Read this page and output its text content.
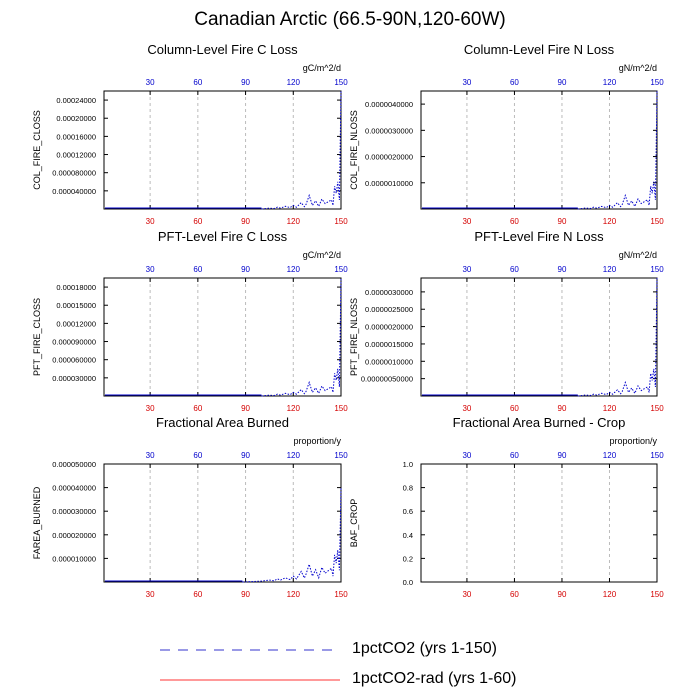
Canadian Arctic (66.5-90N,120-60W)
Column-Level Fire C Loss
gC/m^2/d
30
30
60
60
90
90
120
120
150
150
0.000040000
0.000080000
0.00012000
0.00016000
0.00020000
0.00024000
COL_FIRE_CLOSS
Column-Level Fire N Loss
gN/m^2/d
30
30
60
60
90
90
120
120
150
150
0.0000010000
0.0000020000
0.0000030000
0.0000040000
COL_FIRE_NLOSS
PFT-Level Fire C Loss
gC/m^2/d
30
30
60
60
90
90
120
120
150
150
0.000030000
0.000060000
0.000090000
0.00012000
0.00015000
0.00018000
PFT_FIRE_CLOSS
PFT-Level Fire N Loss
gN/m^2/d
30
30
60
60
90
90
120
120
150
150
0.00000050000
0.0000010000
0.0000015000
0.0000020000
0.0000025000
0.0000030000
PFT_FIRE_NLOSS
Fractional Area Burned
proportion/y
30
30
60
60
90
90
120
120
150
150
0.000010000
0.000020000
0.000030000
0.000040000
0.000050000
FAREA_BURNED
Fractional Area Burned - Crop
proportion/y
30
30
60
60
90
90
120
120
150
150
0.0
0.2
0.4
0.6
0.8
1.0
BAF_CROP
1pctCO2 (yrs 1-150)
1pctCO2-rad (yrs 1-60)
